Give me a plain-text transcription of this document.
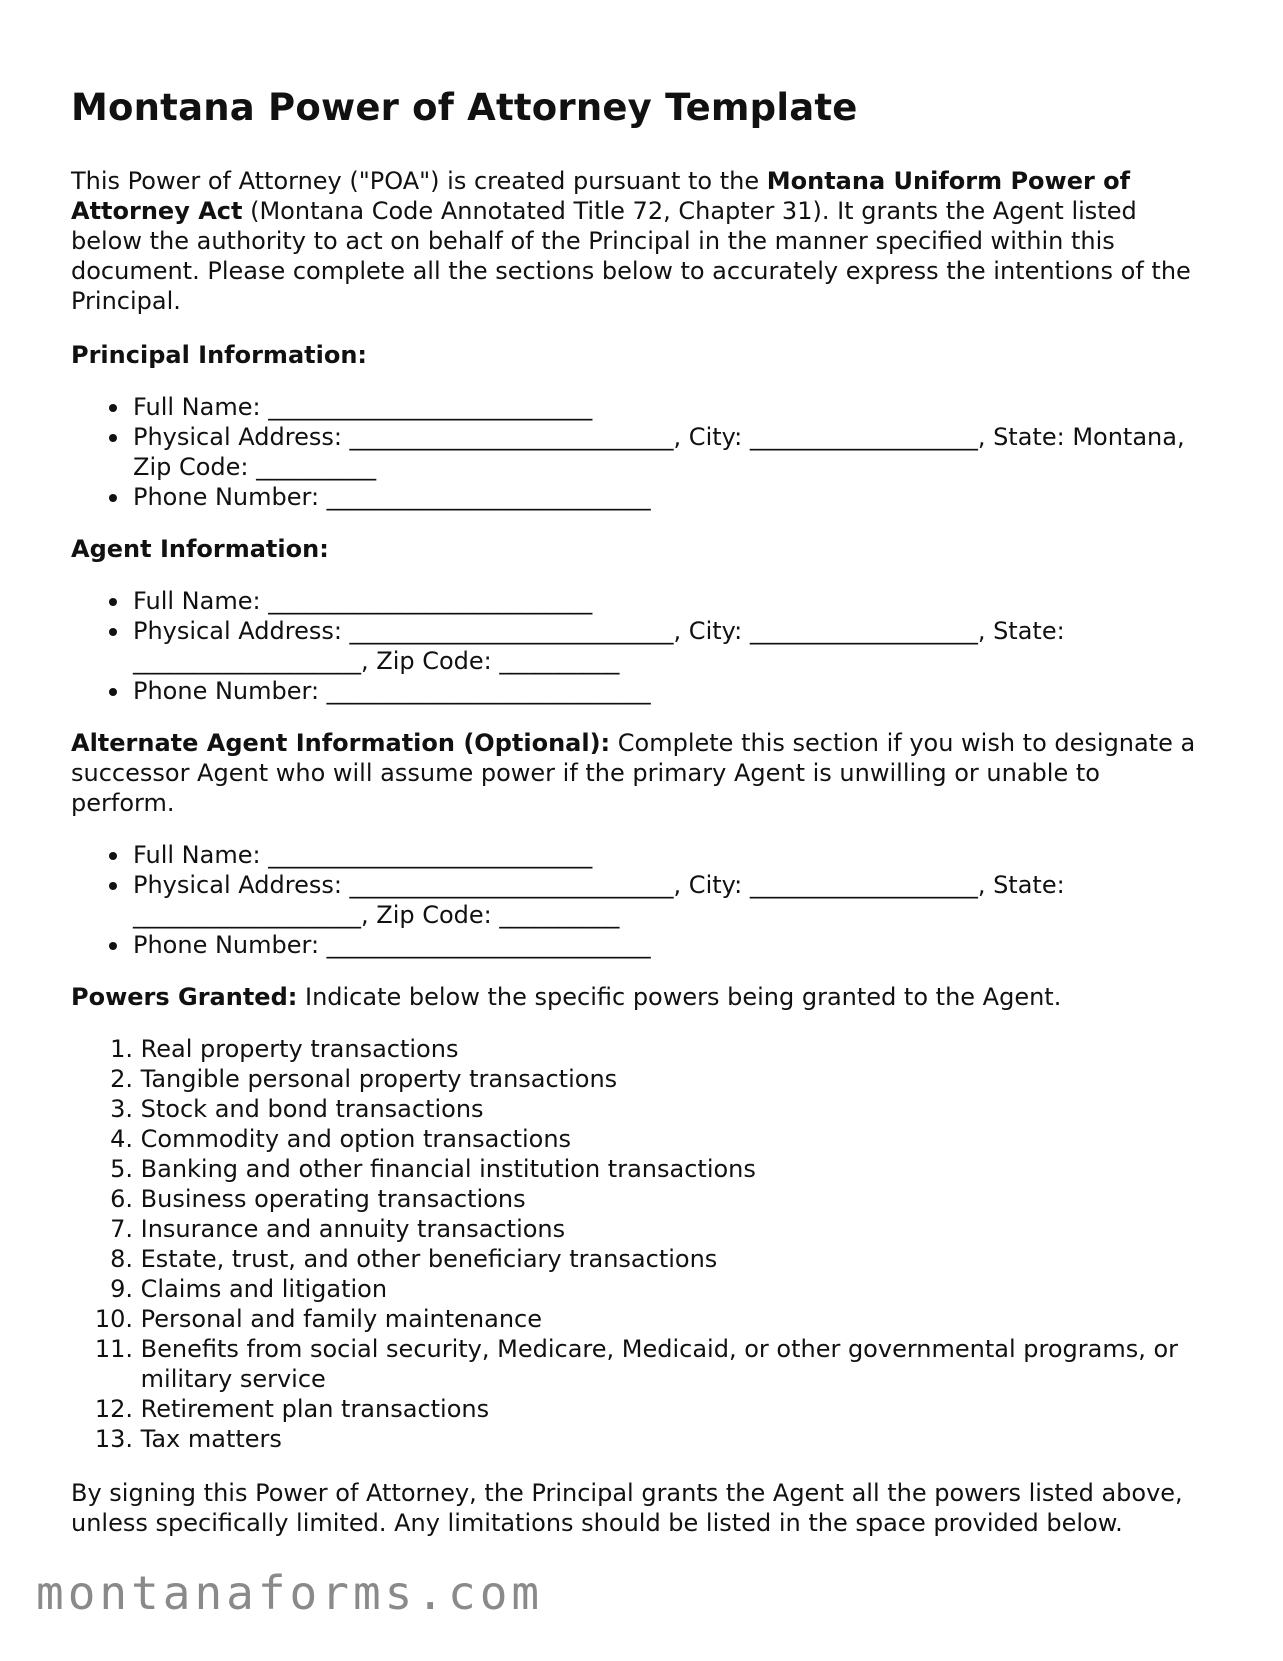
Montana Power of Attorney Template

This Power of Attorney ("POA") is created pursuant to the Montana Uniform Power of Attorney Act (Montana Code Annotated Title 72, Chapter 31). It grants the Agent listed below the authority to act on behalf of the Principal in the manner specified within this document. Please complete all the sections below to accurately express the intentions of the Principal.

Principal Information:
Full Name: ___________________________
Physical Address: ___________________________, City: ___________________, State: Montana, Zip Code: __________
Phone Number: ___________________________
Agent Information:
Full Name: ___________________________
Physical Address: ___________________________, City: ___________________, State: ___________________, Zip Code: __________
Phone Number: ___________________________

Alternate Agent Information (Optional): Complete this section if you wish to designate a successor Agent who will assume power if the primary Agent is unwilling or unable to perform.

Full Name: ___________________________
Physical Address: ___________________________, City: ___________________, State: ___________________, Zip Code: __________
Phone Number: ___________________________

Powers Granted: Indicate below the specific powers being granted to the Agent.

1.
Real property transactions
2.
Tangible personal property transactions
3.
Stock and bond transactions
4.
Commodity and option transactions
5.
Banking and other financial institution transactions
6.
Business operating transactions
7.
Insurance and annuity transactions
8.
Estate, trust, and other beneficiary transactions
9.
Claims and litigation
10.
Personal and family maintenance
11.
Benefits from social security, Medicare, Medicaid, or other governmental programs, or military service
12.
Retirement plan transactions
13.
Tax matters

By signing this Power of Attorney, the Principal grants the Agent all the powers listed above, unless specifically limited. Any limitations should be listed in the space provided below.

montanaforms.com
